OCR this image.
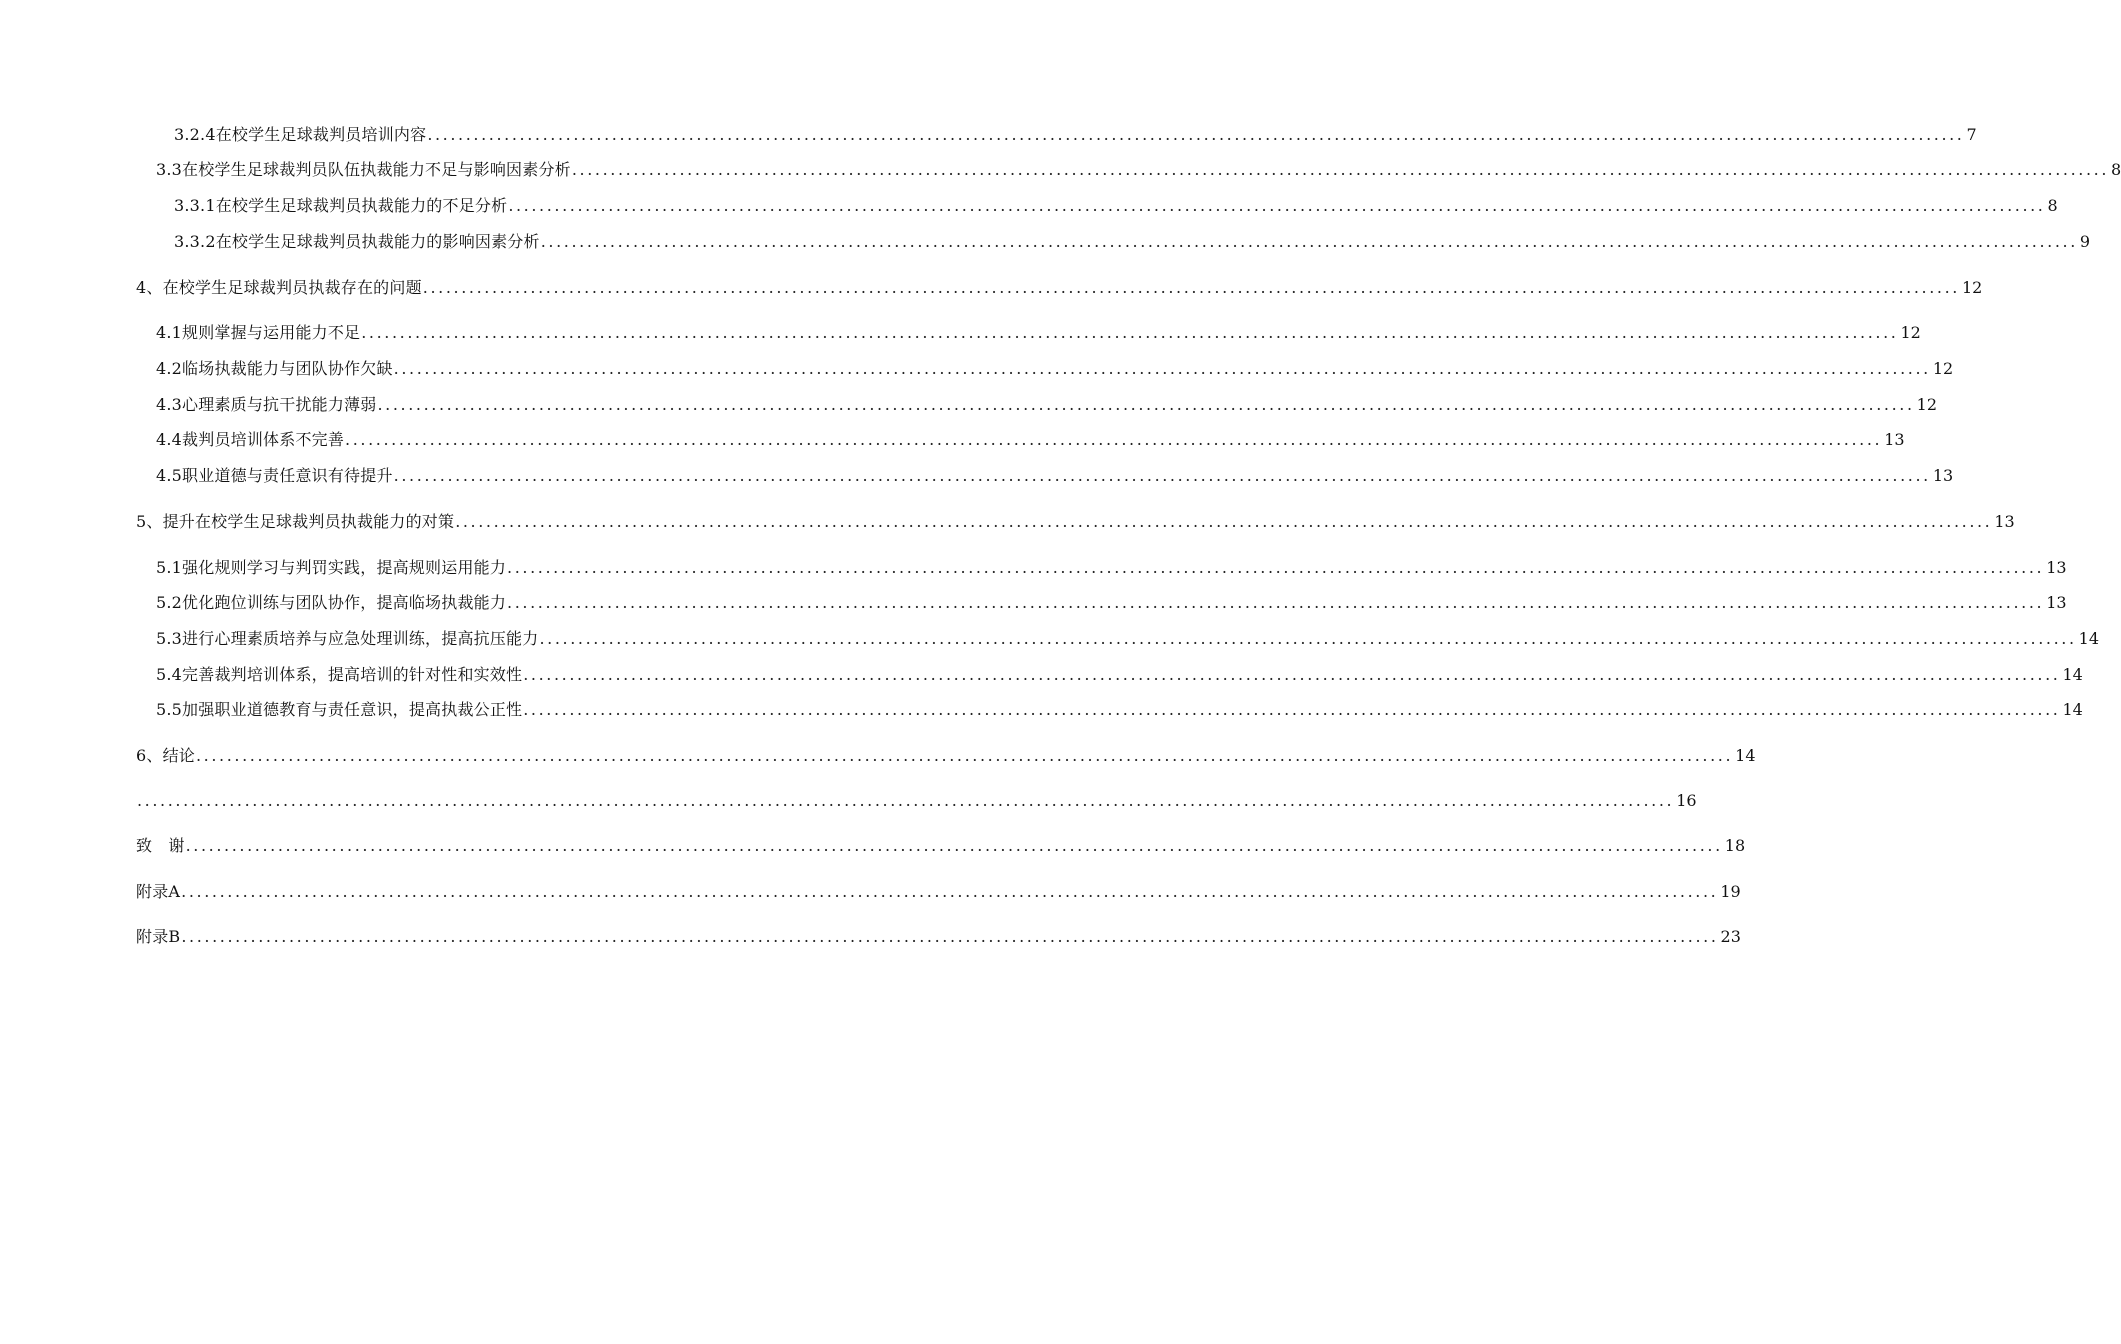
3.2.4在校学生足球裁判员培训内容 ........................................................................................................................................................................................................ 7
3.3在校学生足球裁判员队伍执裁能力不足与影响因素分析 ........................................................................................................................................................................................................ 8
3.3.1在校学生足球裁判员执裁能力的不足分析 ........................................................................................................................................................................................................ 8
3.3.2在校学生足球裁判员执裁能力的影响因素分析 ........................................................................................................................................................................................................ 9
4、在校学生足球裁判员执裁存在的问题 ........................................................................................................................................................................................................ 12
4.1规则掌握与运用能力不足 ........................................................................................................................................................................................................ 12
4.2临场执裁能力与团队协作欠缺 ........................................................................................................................................................................................................ 12
4.3心理素质与抗干扰能力薄弱 ........................................................................................................................................................................................................ 12
4.4裁判员培训体系不完善 ........................................................................................................................................................................................................ 13
4.5职业道德与责任意识有待提升 ........................................................................................................................................................................................................ 13
5、提升在校学生足球裁判员执裁能力的对策 ........................................................................................................................................................................................................ 13
5.1强化规则学习与判罚实践，提高规则运用能力 ........................................................................................................................................................................................................ 13
5.2优化跑位训练与团队协作，提高临场执裁能力 ........................................................................................................................................................................................................ 13
5.3进行心理素质培养与应急处理训练，提高抗压能力 ........................................................................................................................................................................................................ 14
5.4完善裁判培训体系，提高培训的针对性和实效性 ........................................................................................................................................................................................................ 14
5.5加强职业道德教育与责任意识，提高执裁公正性 ........................................................................................................................................................................................................ 14
6、结论 ........................................................................................................................................................................................................ 14
........................................................................................................................................................................................................ 16
致　谢 ........................................................................................................................................................................................................ 18
附录A ........................................................................................................................................................................................................ 19
附录B ........................................................................................................................................................................................................ 23
